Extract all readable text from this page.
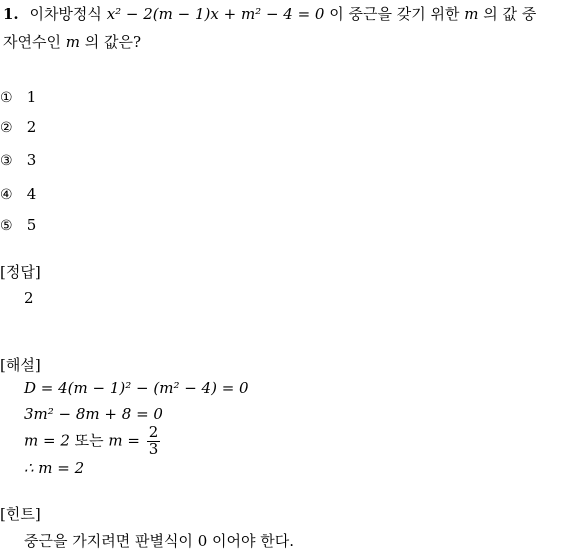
1. 이차방정식 x² − 2(m − 1)x + m² − 4 = 0 이 중근을 갖기 위한 m 의 값 중
자연수인 m 의 값은?
① 1
② 2
③ 3
④ 4
⑤ 5
[정답]
2
[해설]
D = 4(m − 1)² − (m² − 4) = 0
3m² − 8m + 8 = 0
m = 2 또는 $m = \frac{2}{3}$
∴ m = 2
[힌트]
중근을 가지려면 판별식이 0 이어야 한다.
